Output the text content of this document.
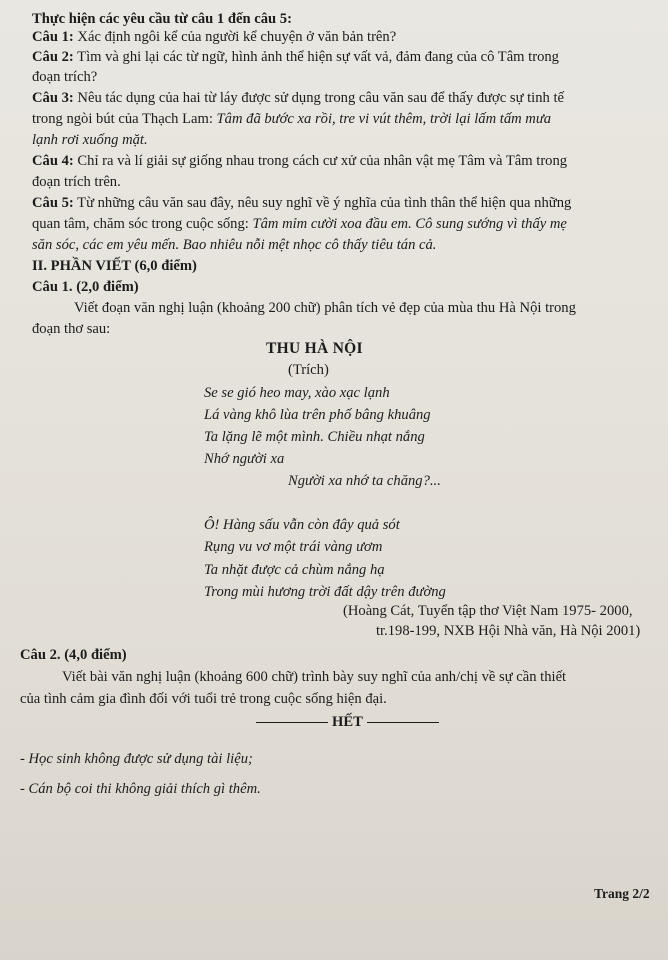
Thực hiện các yêu cầu từ câu 1 đến câu 5:
Câu 1: Xác định ngôi kể của người kể chuyện ở văn bản trên?
Câu 2: Tìm và ghi lại các từ ngữ, hình ảnh thể hiện sự vất vả, đảm đang của cô Tâm trong
đoạn trích?
Câu 3: Nêu tác dụng của hai từ láy được sử dụng trong câu văn sau để thấy được sự tinh tế
trong ngòi bút của Thạch Lam: Tâm đã bước xa rồi, tre vi vút thêm, trời lại lấm tấm mưa
lạnh rơi xuống mặt.
Câu 4: Chỉ ra và lí giải sự giống nhau trong cách cư xử của nhân vật mẹ Tâm và Tâm trong
đoạn trích trên.
Câu 5: Từ những câu văn sau đây, nêu suy nghĩ về ý nghĩa của tình thân thể hiện qua những
quan tâm, chăm sóc trong cuộc sống: Tâm mỉm cười xoa đầu em. Cô sung sướng vì thấy mẹ
săn sóc, các em yêu mến. Bao nhiêu nỗi mệt nhọc cô thấy tiêu tán cả.
II. PHẦN VIẾT (6,0 điểm)
Câu 1. (2,0 điểm)
Viết đoạn văn nghị luận (khoảng 200 chữ) phân tích vẻ đẹp của mùa thu Hà Nội trong
đoạn thơ sau:
THU HÀ NỘI
(Trích)
Se se gió heo may, xào xạc lạnh
Lá vàng khô lùa trên phố bâng khuâng
Ta lặng lẽ một mình. Chiều nhạt nắng
Nhớ người xa
Người xa nhớ ta chăng?...
Ô! Hàng sấu vẫn còn đây quả sót
Rụng vu vơ một trái vàng ươm
Ta nhặt được cả chùm nắng hạ
Trong mùi hương trời đất dậy trên đường
(Hoàng Cát, Tuyển tập thơ Việt Nam 1975- 2000,
tr.198-199, NXB Hội Nhà văn, Hà Nội 2001)
Câu 2. (4,0 điểm)
Viết bài văn nghị luận (khoảng 600 chữ) trình bày suy nghĩ của anh/chị về sự cần thiết
của tình cảm gia đình đối với tuổi trẻ trong cuộc sống hiện đại.
HẾT
- Học sinh không được sử dụng tài liệu;
- Cán bộ coi thi không giải thích gì thêm.
Trang 2/2
